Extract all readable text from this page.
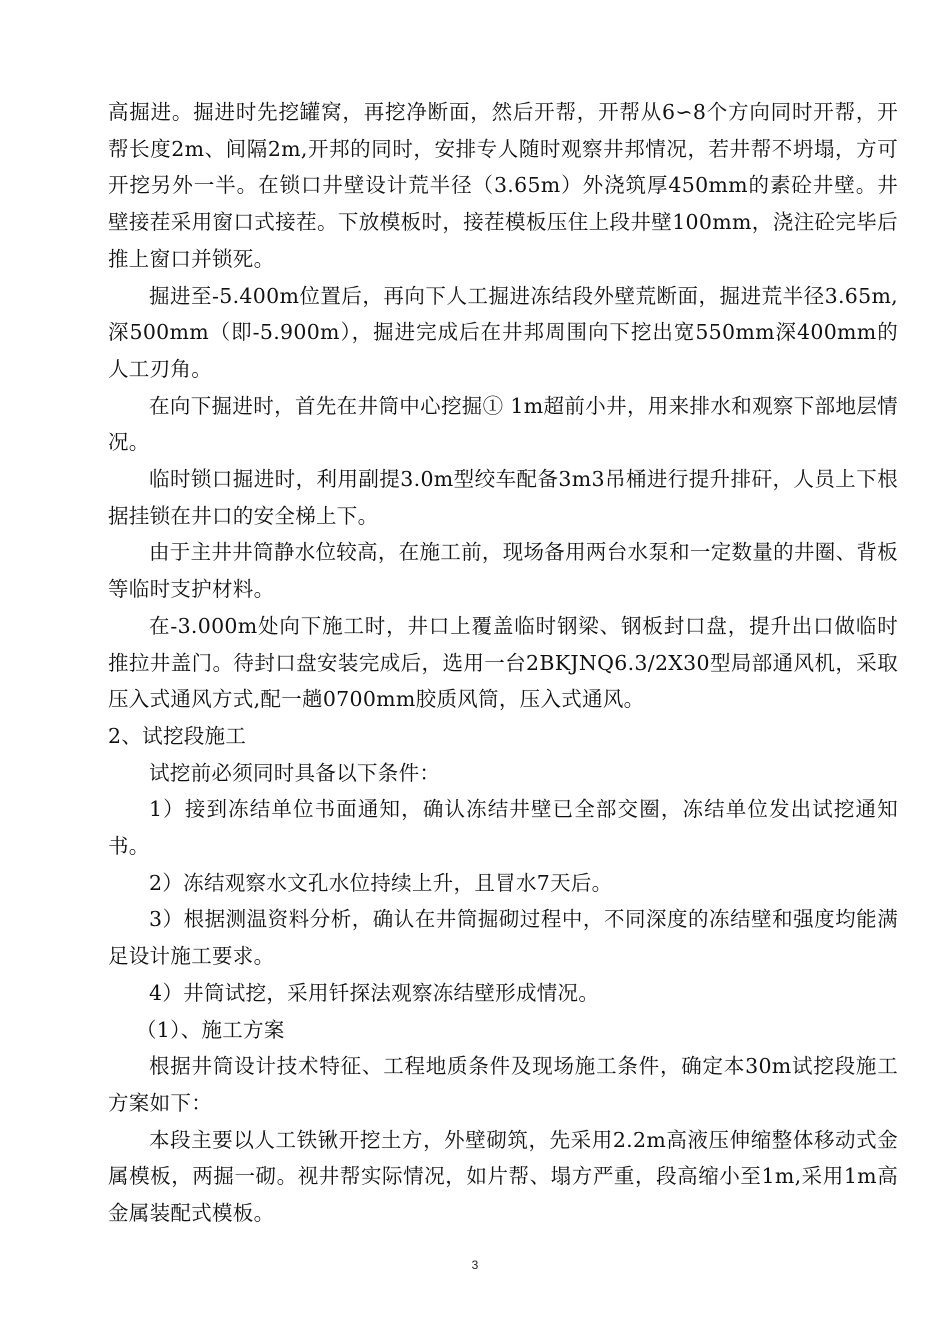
高掘进。掘进时先挖罐窝，再挖净断面，然后开帮，开帮从6∽8个方向同时开帮，开帮长度2m、间隔2m,开邦的同时，安排专人随时观察井邦情况，若井帮不坍塌，方可开挖另外一半。在锁口井壁设计荒半径（3.65m）外浇筑厚450mm的素砼井壁。井壁接茬采用窗口式接茬。下放模板时，接茬模板压住上段井壁100mm，浇注砼完毕后推上窗口并锁死。

掘进至-5.400m位置后，再向下人工掘进冻结段外壁荒断面，掘进荒半径3.65m,深500mm（即-5.900m），掘进完成后在井邦周围向下挖出宽550mm深400mm的人工刃角。

在向下掘进时，首先在井筒中心挖掘① 1m超前小井，用来排水和观察下部地层情况。

临时锁口掘进时，利用副提3.0m型绞车配备3m3吊桶进行提升排矸，人员上下根据挂锁在井口的安全梯上下。

由于主井井筒静水位较高，在施工前，现场备用两台水泵和一定数量的井圈、背板等临时支护材料。

在-3.000m处向下施工时，井口上覆盖临时钢梁、钢板封口盘，提升出口做临时推拉井盖门。待封口盘安装完成后，选用一台2BKJNQ6.3/2X30型局部通风机，采取压入式通风方式,配一趟0700mm胶质风筒，压入式通风。

2、试挖段施工

试挖前必须同时具备以下条件：

1）接到冻结单位书面通知，确认冻结井壁已全部交圈，冻结单位发出试挖通知书。

2）冻结观察水文孔水位持续上升，且冒水7天后。

3）根据测温资料分析，确认在井筒掘砌过程中，不同深度的冻结壁和强度均能满足设计施工要求。

4）井筒试挖，采用钎探法观察冻结壁形成情况。

（1）、施工方案

根据井筒设计技术特征、工程地质条件及现场施工条件，确定本30m试挖段施工方案如下：

本段主要以人工铁锹开挖土方，外壁砌筑，先采用2.2m高液压伸缩整体移动式金属模板，两掘一砌。视井帮实际情况，如片帮、塌方严重，段高缩小至1m,采用1m高金属装配式模板。

3
